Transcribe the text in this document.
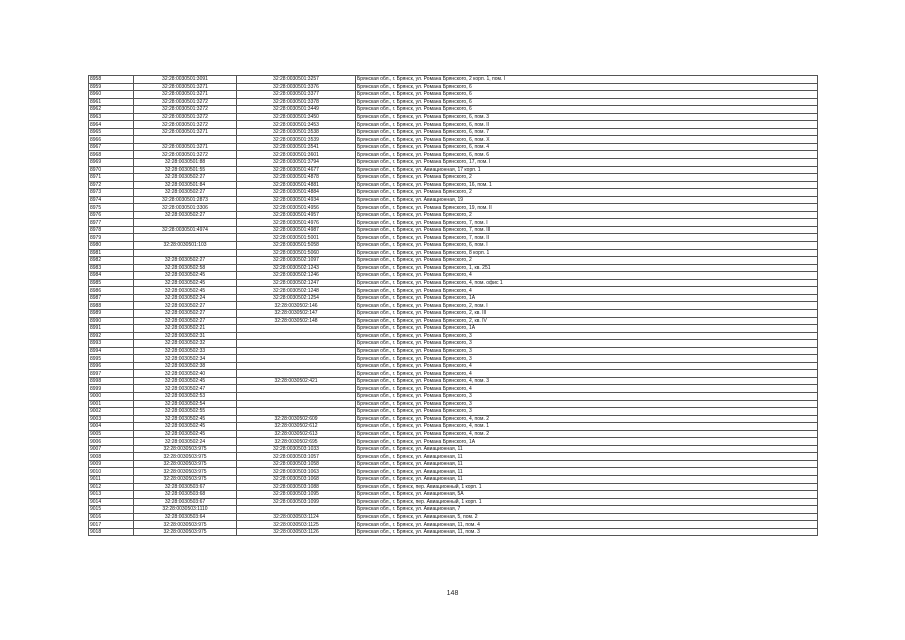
8958	32:28:0030501:3091	32:28:0030501:3257	Брянская обл., г. Брянск, ул. Романа Брянского, 2 корп. 1, пом. I
8959	32:28:0030501:3271	32:28:0030501:3376	Брянская обл., г. Брянск, ул. Романа Брянского, 6
8960	32:28:0030501:3271	32:28:0030501:3377	Брянская обл., г. Брянск, ул. Романа Брянского, 6
8961	32:28:0030501:3272	32:28:0030501:3378	Брянская обл., г. Брянск, ул. Романа Брянского, 6
8962	32:28:0030501:3272	32:28:0030501:3449	Брянская обл., г. Брянск, ул. Романа Брянского, 6
8963	32:28:0030501:3272	32:28:0030501:3450	Брянская обл., г. Брянск, ул. Романа Брянского, 6, пом. 3
8964	32:28:0030501:3272	32:28:0030501:3453	Брянская обл., г. Брянск, ул. Романа Брянского, 6, пом. II
8965	32:28:0030501:3271	32:28:0030501:3538	Брянская обл., г. Брянск, ул. Романа Брянского, 6, пом. 7
8966		32:28:0030501:3539	Брянская обл., г. Брянск, ул. Романа Брянского, 6, пом. X
8967	32:28:0030501:3271	32:28:0030501:3541	Брянская обл., г. Брянск, ул. Романа Брянского, 6, пом. 4
8968	32:28:0030501:3272	32:28:0030501:3601	Брянская обл., г. Брянск, ул. Романа Брянского, 6, пом. 6
8969	32:28:0030501:88	32:28:0030501:3794	Брянская обл., г. Брянск, ул. Романа Брянского, 17, пом. I
8970	32:28:0030501:55	32:28:0030501:4677	Брянская обл., г. Брянск, ул. Авиационная, 17 корп. 1
8971	32:28:0030502:27	32:28:0030501:4878	Брянская обл., г. Брянск, ул. Романа Брянского, 2
8972	32:28:0030501:84	32:28:0030501:4881	Брянская обл., г. Брянск, ул. Романа Брянского, 16, пом. 1
8973	32:28:0030502:27	32:28:0030501:4884	Брянская обл., г. Брянск, ул. Романа Брянского, 2
8974	32:28:0030501:2873	32:28:0030501:4934	Брянская обл., г. Брянск, ул. Авиационная, 19
8975	32:28:0030501:3306	32:28:0030501:4956	Брянская обл., г. Брянск, ул. Романа Брянского, 19, пом. II
8976	32:28:0030502:27	32:28:0030501:4957	Брянская обл., г. Брянск, ул. Романа Брянского, 2
8977		32:28:0030501:4976	Брянская обл., г. Брянск, ул. Романа Брянского, 7, пом. I
8978	32:28:0030501:4974	32:28:0030501:4987	Брянская обл., г. Брянск, ул. Романа Брянского, 7, пом. III
8979		32:28:0030501:5001	Брянская обл., г. Брянск, ул. Романа Брянского, 7, пом. II
8980	32:28:0030501:103	32:28:0030501:5058	Брянская обл., г. Брянск, ул. Романа Брянского, 6, пом. I
8981		32:28:0030501:5060	Брянская обл., г. Брянск, ул. Романа Брянского, 8 корп. 1
8982	32:28:0030502:27	32:28:0030502:1097	Брянская обл., г. Брянск, ул. Романа Брянского, 2
8983	32:28:0030502:58	32:28:0030502:1243	Брянская обл., г. Брянск, ул. Романа Брянского, 1, кв. 251
8984	32:28:0030502:45	32:28:0030502:1246	Брянская обл., г. Брянск, ул. Романа Брянского, 4
8985	32:28:0030502:45	32:28:0030502:1247	Брянская обл., г. Брянск, ул. Романа Брянского, 4, пом. офис 1
8986	32:28:0030502:45	32:28:0030502:1248	Брянская обл., г. Брянск, ул. Романа Брянского, 4
8987	32:28:0030502:24	32:28:0030502:1254	Брянская обл., г. Брянск, ул. Романа Брянского, 1А
8988	32:28:0030502:27	32:28:0030502:146	Брянская обл., г. Брянск, ул. Романа Брянского, 2, пом. I
8989	32:28:0030502:27	32:28:0030502:147	Брянская обл., г. Брянск, ул. Романа Брянского, 2, кв. III
8990	32:28:0030502:27	32:28:0030502:148	Брянская обл., г. Брянск, ул. Романа Брянского, 2, кв. IV
8991	32:28:0030502:21		Брянская обл., г. Брянск, ул. Романа Брянского, 1А
8992	32:28:0030502:31		Брянская обл., г. Брянск, ул. Романа Брянского, 3
8993	32:28:0030502:32		Брянская обл., г. Брянск, ул. Романа Брянского, 3
8994	32:28:0030502:33		Брянская обл., г. Брянск, ул. Романа Брянского, 3
8995	32:28:0030502:34		Брянская обл., г. Брянск, ул. Романа Брянского, 3
8996	32:28:0030502:38		Брянская обл., г. Брянск, ул. Романа Брянского, 4
8997	32:28:0030502:40		Брянская обл., г. Брянск, ул. Романа Брянского, 4
8998	32:28:0030502:45	32:28:0030502:421	Брянская обл., г. Брянск, ул. Романа Брянского, 4, пом. 3
8999	32:28:0030502:47		Брянская обл., г. Брянск, ул. Романа Брянского, 4
9000	32:28:0030502:53		Брянская обл., г. Брянск, ул. Романа Брянского, 3
9001	32:28:0030502:54		Брянская обл., г. Брянск, ул. Романа Брянского, 3
9002	32:28:0030502:55		Брянская обл., г. Брянск, ул. Романа Брянского, 3
9003	32:28:0030502:45	32:28:0030502:609	Брянская обл., г. Брянск, ул. Романа Брянского, 4, пом. 2
9004	32:28:0030502:45	32:28:0030502:612	Брянская обл., г. Брянск, ул. Романа Брянского, 4, пом. 1
9005	32:28:0030502:45	32:28:0030502:613	Брянская обл., г. Брянск, ул. Романа Брянского, 4, пом. 2
9006	32:28:0030502:24	32:28:0030502:695	Брянская обл., г. Брянск, ул. Романа Брянского, 1А
9007	32:28:0030503:975	32:28:0030503:1033	Брянская обл., г. Брянск, ул. Авиационная, 11
9008	32:28:0030503:975	32:28:0030503:1057	Брянская обл., г. Брянск, ул. Авиационная, 11
9009	32:28:0030503:975	32:28:0030503:1058	Брянская обл., г. Брянск, ул. Авиационная, 11
9010	32:28:0030503:975	32:28:0030503:1063	Брянская обл., г. Брянск, ул. Авиационная, 11
9011	32:28:0030503:975	32:28:0030503:1068	Брянская обл., г. Брянск, ул. Авиационная, 11
9012	32:28:0030503:67	32:28:0030503:1088	Брянская обл., г. Брянск, пер. Авиационный, 1 корп. 1
9013	32:28:0030503:68	32:28:0030503:1095	Брянская обл., г. Брянск, ул. Авиационная, 5А
9014	32:28:0030503:67	32:28:0030503:1099	Брянская обл., г. Брянск, пер. Авиационный, 1 корп. 1
9015	32:28:0030503:1110		Брянская обл., г. Брянск, ул. Авиационная, 7
9016	32:28:0030503:64	32:28:0030503:1124	Брянская обл., г. Брянск, ул. Авиационная, 5, пом. 2
9017	32:28:0030503:975	32:28:0030503:1125	Брянская обл., г. Брянск, ул. Авиационная, 11, пом. 4
9018	32:28:0030503:975	32:28:0030503:1126	Брянская обл., г. Брянск, ул. Авиационная, 11, пом. 3
148
